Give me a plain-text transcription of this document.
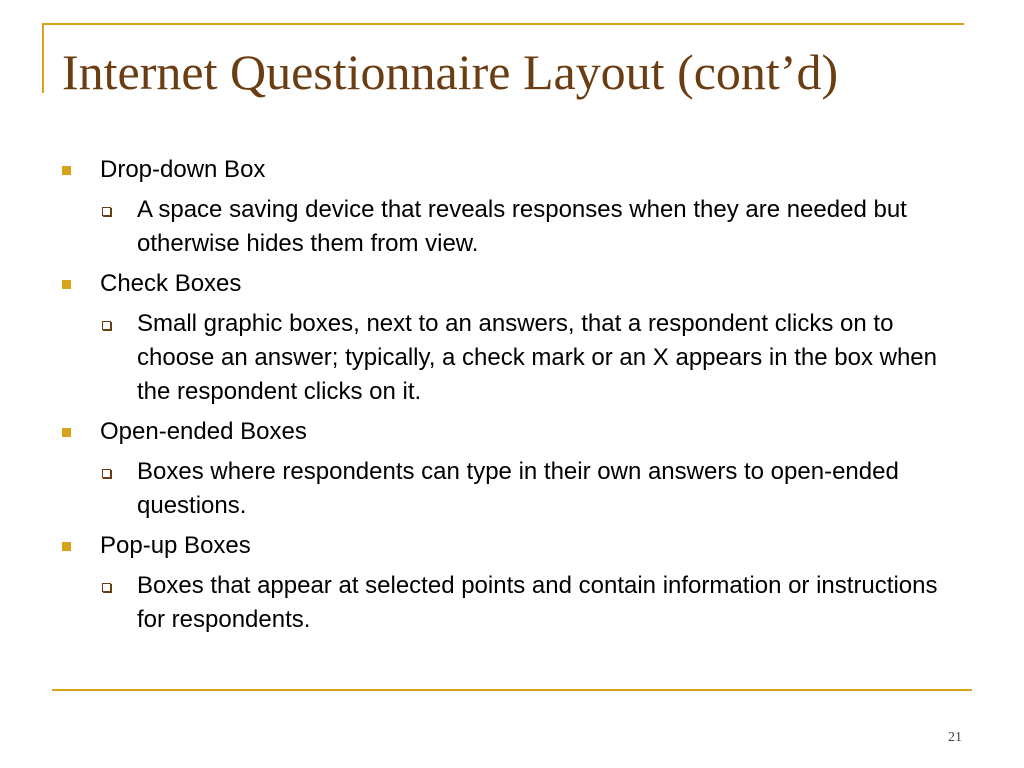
Internet Questionnaire Layout (cont’d)
Drop-down Box
A space saving device that reveals responses when they are needed but otherwise hides them from view.
Check Boxes
Small graphic boxes, next to an answers, that a respondent clicks on to choose an answer; typically, a check mark or an X appears in the box when the respondent clicks on it.
Open-ended Boxes
Boxes where respondents can type in their own answers to open-ended questions.
Pop-up Boxes
Boxes that appear at selected points and contain information or instructions for respondents.
21
